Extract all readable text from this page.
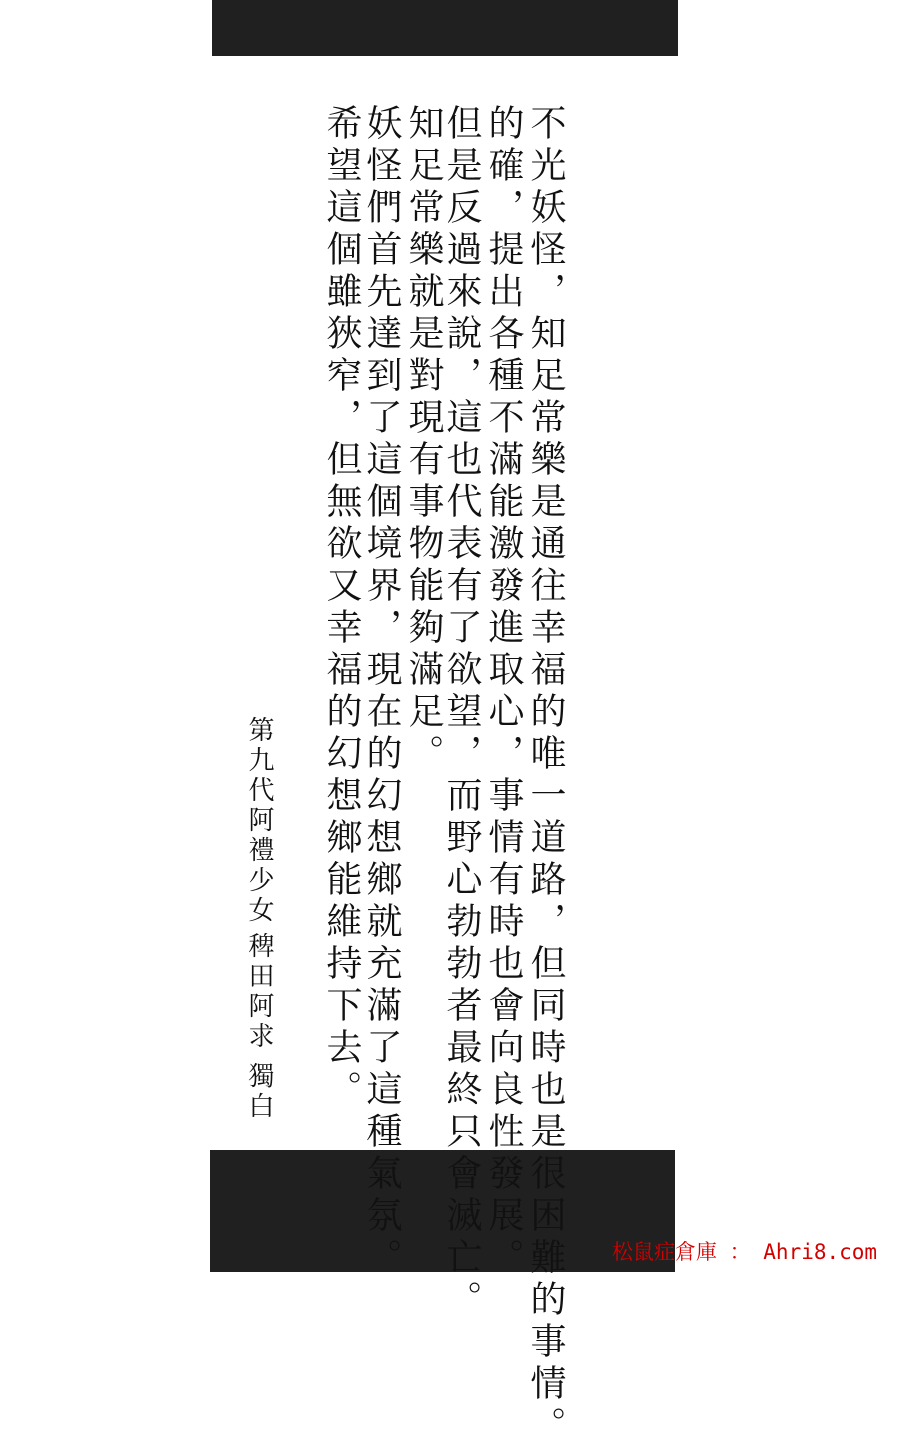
不光妖怪，知足常樂是通往幸福的唯一道路，但同時也是很困難的事情。
的確，提出各種不滿能激發進取心，事情有時也會向良性發展。
但是反過來說，這也代表有了欲望，而野心勃勃者最終只會滅亡。
知足常樂就是對現有事物能夠滿足。
妖怪們首先達到了這個境界，現在的幻想鄉就充滿了這種氣氛。
希望這個雖狹窄，但無欲又幸福的幻想鄉能維持下去。
第九代阿禮少女
稗田阿求
獨白
松鼠症倉庫 ： Ahri8.com
